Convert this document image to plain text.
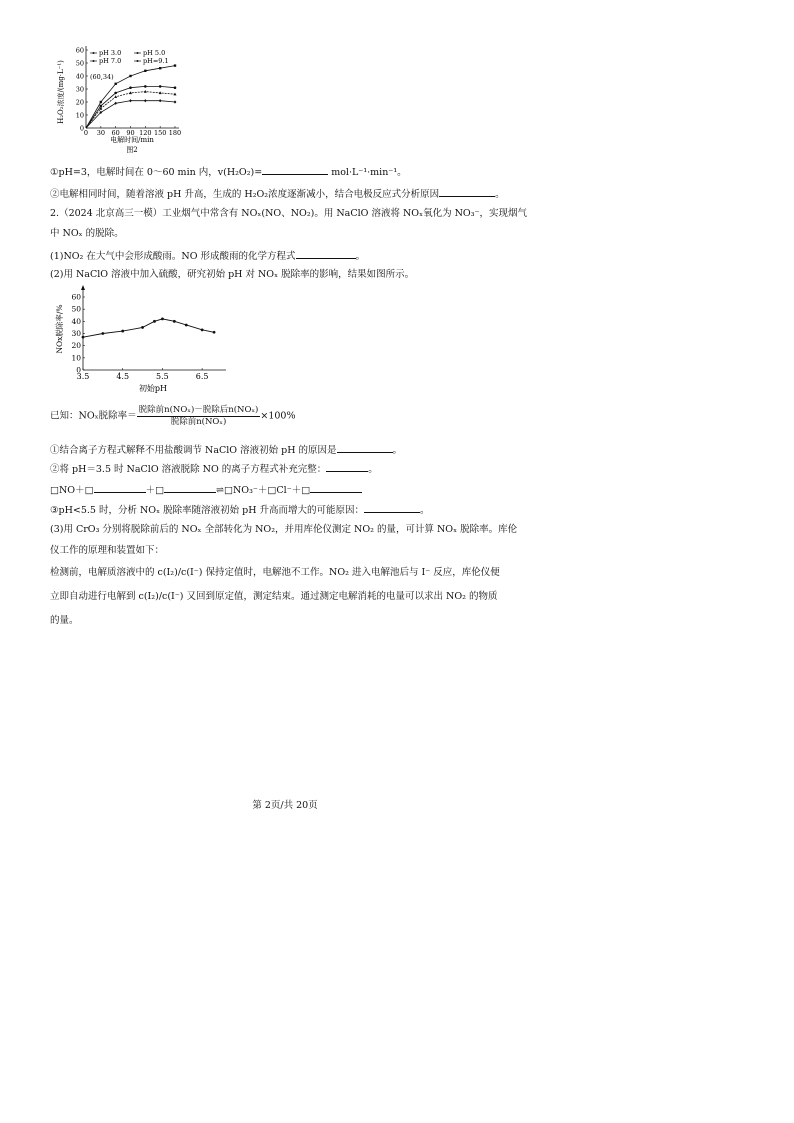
0
10
20
30
40
50
60
0 30 60 90 120 150 180
H₂O₂浓度/(mg·L⁻¹)
电解时间/min
图2
(60,34)
pH 3.0	pH 5.0
pH 7.0	pH=9.1
①pH=3，电解时间在 0～60 min 内，v(H₂O₂)=	mol·L⁻¹·min⁻¹。
②电解相同时间，随着溶液 pH 升高，生成的 H₂O₂浓度逐渐减小，结合电极反应式分析原因	。
2.（2024 北京高三一模）工业烟气中常含有 NOₓ(NO、NO₂)。用 NaClO 溶液将 NOₓ氧化为 NO₃⁻，实现烟气
中 NOₓ 的脱除。
(1)NO₂ 在大气中会形成酸雨。NO 形成酸雨的化学方程式	。
(2)用 NaClO 溶液中加入硫酸，研究初始 pH 对 NOₓ 脱除率的影响，结果如图所示。
0
10
20
30
40
50
60
3.5	4.5	5.5	6.5
NOx脱除率/%
初始pH
已知：NOₓ脱除率＝ $\frac{\text{脱除前n(NOₓ)－脱除后n(NOₓ)}}{\text{脱除前n(NOₓ)}} \times 100\%$
①结合离子方程式解释不用盐酸调节 NaClO 溶液初始 pH 的原因是	。
②将 pH＝3.5 时 NaClO 溶液脱除 NO 的离子方程式补充完整：	。
□NO＋□	＋□	⇌□NO₃⁻＋□Cl⁻＋□
③pH<5.5 时，分析 NOₓ 脱除率随溶液初始 pH 升高而增大的可能原因：	。
(3)用 CrO₃ 分别将脱除前后的 NOₓ 全部转化为 NO₂，并用库伦仪测定 NO₂ 的量，可计算 NOₓ 脱除率。库伦
仪工作的原理和装置如下：
检测前，电解质溶液中的 c(I₂)/c(I⁻) 保持定值时，电解池不工作。NO₂ 进入电解池后与 I⁻ 反应，库伦仪便
立即自动进行电解到 c(I₂)/c(I⁻) 又回到原定值，测定结束。通过测定电解消耗的电量可以求出 NO₂ 的物质
的量。
第 2页/共 20页
